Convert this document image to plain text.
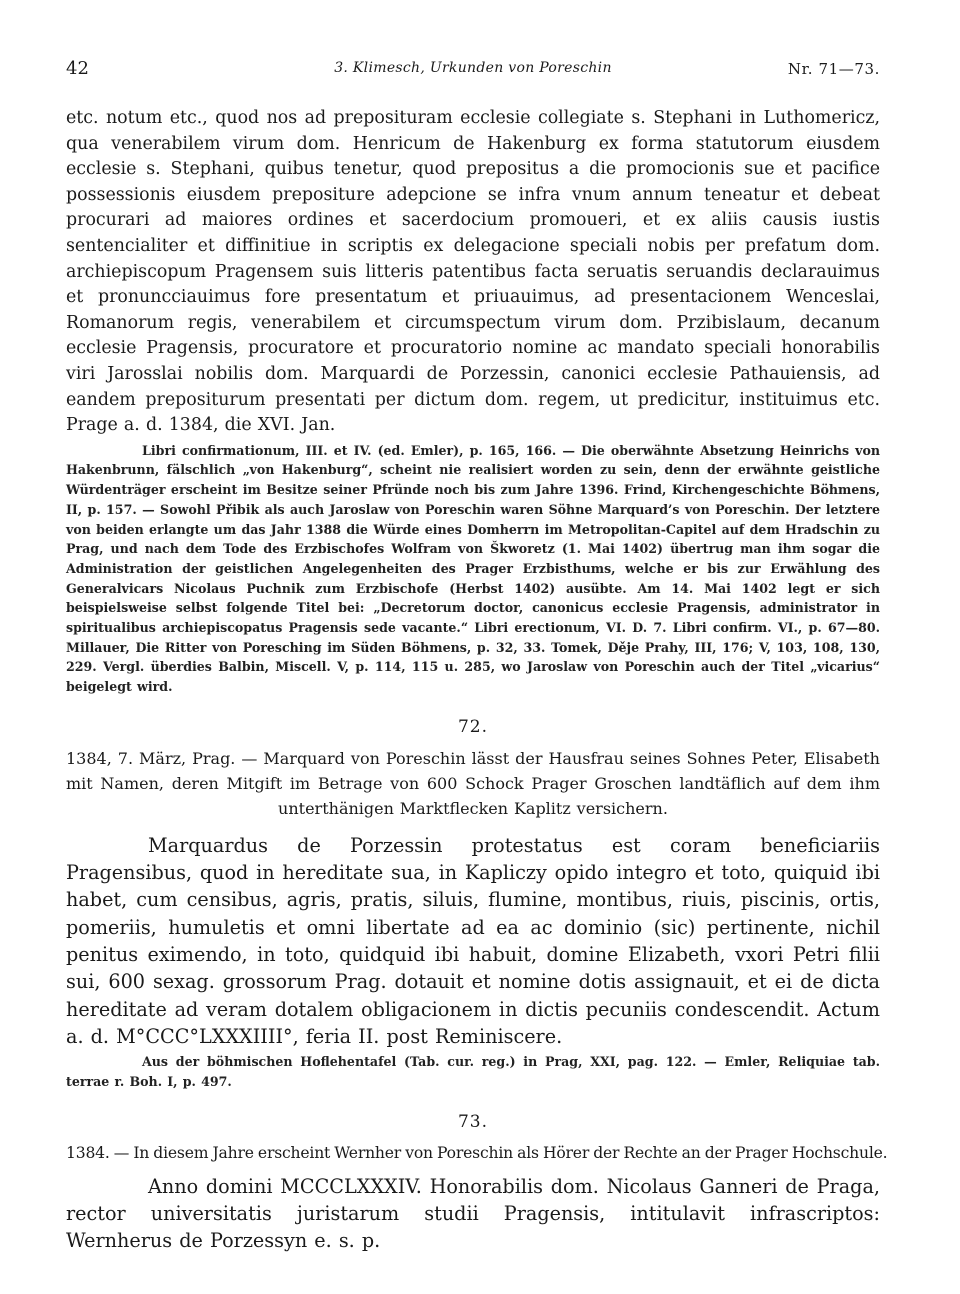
42	3. Klimesch, Urkunden von Poreschin	Nr. 71—73.

etc. notum etc., quod nos ad preposituram ecclesie collegiate s. Stephani in Luthomericz, qua venerabilem virum dom. Henricum de Hakenburg ex forma statutorum eiusdem ecclesie s. Stephani, quibus tenetur, quod prepositus a die promocionis sue et pacifice possessionis eiusdem prepositure adepcione se infra vnum annum teneatur et debeat procurari ad maiores ordines et sacerdocium promoueri, et ex aliis causis iustis sentencialiter et diffinitiue in scriptis ex delegacione speciali nobis per prefatum dom. archiepiscopum Pragensem suis litteris patentibus facta seruatis seruandis declarauimus et pronuncciauimus fore presentatum et priuauimus, ad presentacionem Wenceslai, Romanorum regis, venerabilem et circumspectum virum dom. Przibislaum, decanum ecclesie Pragensis, procuratore et procuratorio nomine ac mandato speciali honorabilis viri Jarosslai nobilis dom. Marquardi de Porzessin, canonici ecclesie Pathauiensis, ad eandem prepositurum presentati per dictum dom. regem, ut predicitur, instituimus etc. Prage a. d. 1384, die XVI. Jan.

Libri confirmationum, III. et IV. (ed. Emler), p. 165, 166. — Die oberwähnte Absetzung Heinrichs von Hakenbrunn, fälschlich „von Hakenburg“, scheint nie realisiert worden zu sein, denn der erwähnte geistliche Würdenträger erscheint im Besitze seiner Pfründe noch bis zum Jahre 1396. Frind, Kirchengeschichte Böhmens, II, p. 157. — Sowohl Přibik als auch Jaroslaw von Poreschin waren Söhne Marquard’s von Poreschin. Der letztere von beiden erlangte um das Jahr 1388 die Würde eines Domherrn im Metropolitan-Capitel auf dem Hradschin zu Prag, und nach dem Tode des Erzbischofes Wolfram von Škworetz (1. Mai 1402) übertrug man ihm sogar die Administration der geistlichen Angelegenheiten des Prager Erzbisthums, welche er bis zur Erwählung des Generalvicars Nicolaus Puchnik zum Erzbischofe (Herbst 1402) ausübte. Am 14. Mai 1402 legt er sich beispielsweise selbst folgende Titel bei: „Decretorum doctor, canonicus ecclesie Pragensis, administrator in spiritualibus archiepiscopatus Pragensis sede vacante.“ Libri erectionum, VI. D. 7. Libri confirm. VI., p. 67—80. Millauer, Die Ritter von Poresching im Süden Böhmens, p. 32, 33. Tomek, Děje Prahy, III, 176; V, 103, 108, 130, 229. Vergl. überdies Balbin, Miscell. V, p. 114, 115 u. 285, wo Jaroslaw von Poreschin auch der Titel „vicarius“ beigelegt wird.

72.

1384, 7. März, Prag. — Marquard von Poreschin lässt der Hausfrau seines Sohnes Peter, Elisabeth mit Namen, deren Mitgift im Betrage von 600 Schock Prager Groschen landtäflich auf dem ihm unterthänigen Marktflecken Kaplitz versichern.

Marquardus de Porzessin protestatus est coram beneficiariis Pragensibus, quod in hereditate sua, in Kapliczy opido integro et toto, quiquid ibi habet, cum censibus, agris, pratis, siluis, flumine, montibus, riuis, piscinis, ortis, pomeriis, humuletis et omni libertate ad ea ac dominio (sic) pertinente, nichil penitus eximendo, in toto, quidquid ibi habuit, domine Elizabeth, vxori Petri filii sui, 600 sexag. grossorum Prag. dotauit et nomine dotis assignauit, et ei de dicta hereditate ad veram dotalem obligacionem in dictis pecuniis condescendit. Actum a. d. M°CCC°LXXXIIII°, feria II. post Reminiscere.

Aus der böhmischen Hoflehentafel (Tab. cur. reg.) in Prag, XXI, pag. 122. — Emler, Reliquiae tab. terrae r. Boh. I, p. 497.

73.

1384. — In diesem Jahre erscheint Wernher von Poreschin als Hörer der Rechte an der Prager Hochschule.

Anno domini MCCCLXXXIV. Honorabilis dom. Nicolaus Ganneri de Praga, rector universitatis juristarum studii Pragensis, intitulavit infrascriptos: Wernherus de Porzessyn e. s. p.
